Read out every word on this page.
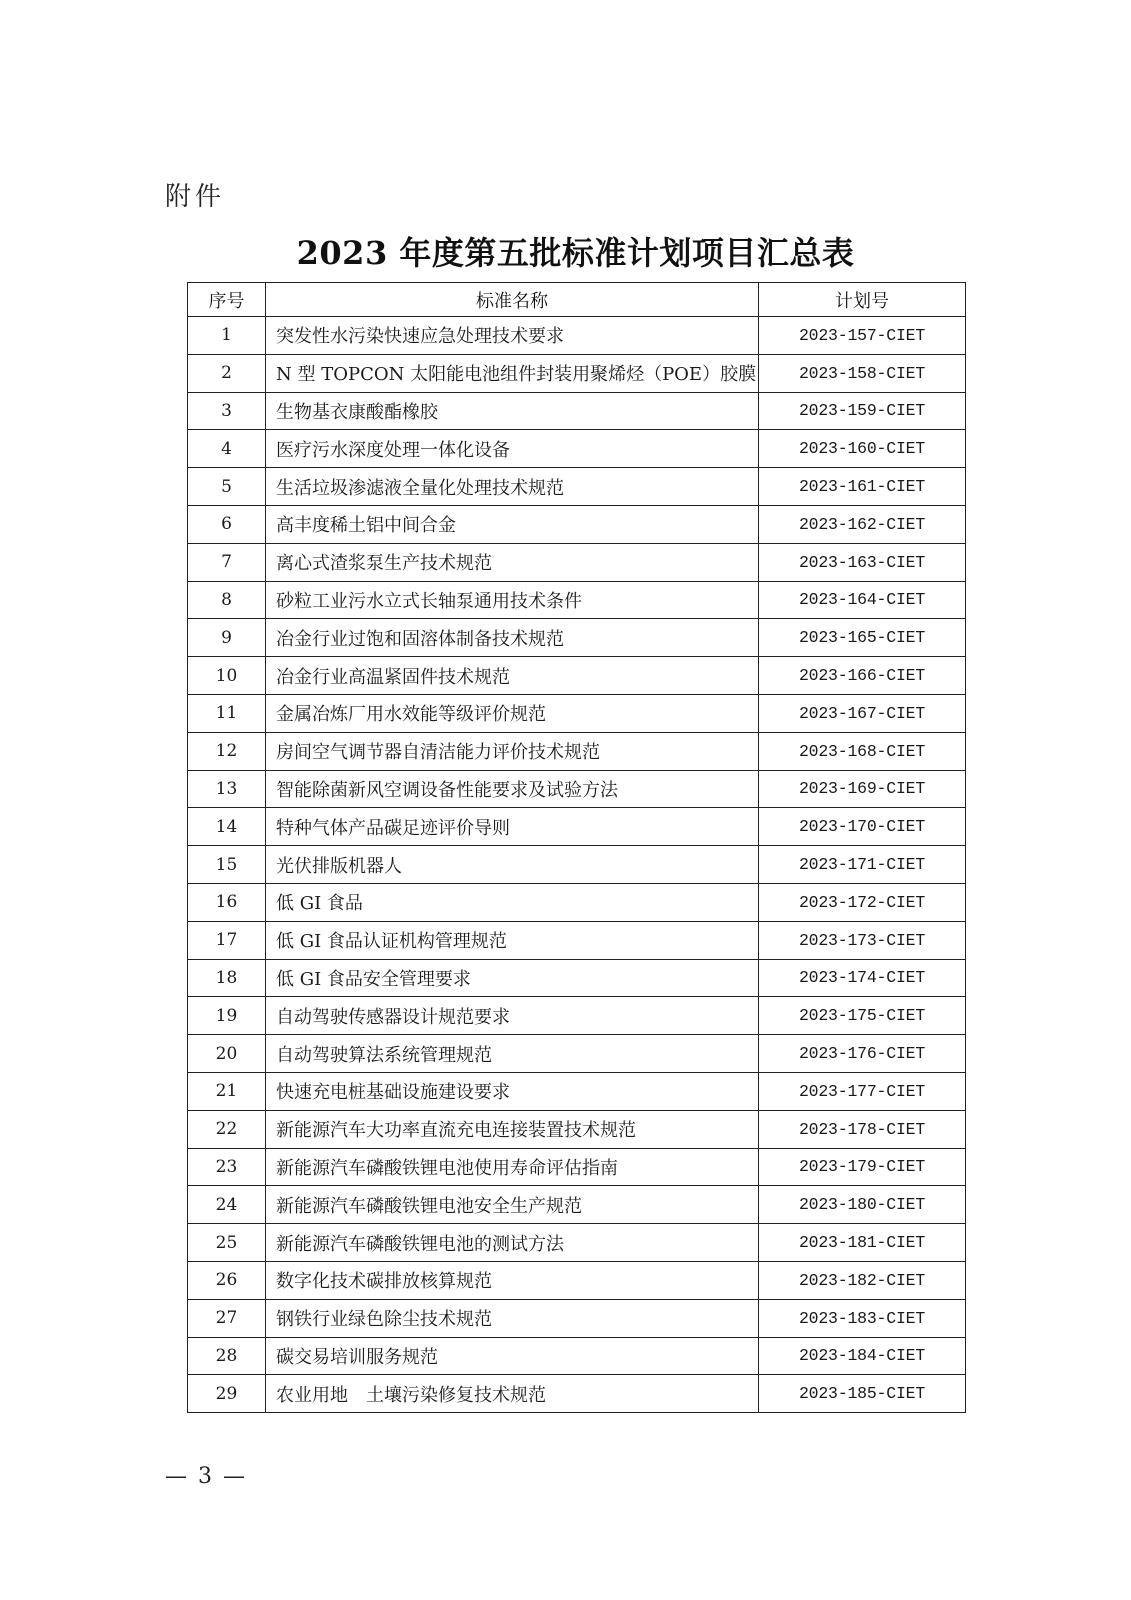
附件
2023 年度第五批标准计划项目汇总表
序号	标准名称	计划号
1	突发性水污染快速应急处理技术要求	2023-157-CIET
2	N 型 TOPCON 太阳能电池组件封装用聚烯烃（POE）胶膜	2023-158-CIET
3	生物基衣康酸酯橡胶	2023-159-CIET
4	医疗污水深度处理一体化设备	2023-160-CIET
5	生活垃圾渗滤液全量化处理技术规范	2023-161-CIET
6	高丰度稀土铝中间合金	2023-162-CIET
7	离心式渣浆泵生产技术规范	2023-163-CIET
8	砂粒工业污水立式长轴泵通用技术条件	2023-164-CIET
9	冶金行业过饱和固溶体制备技术规范	2023-165-CIET
10	冶金行业高温紧固件技术规范	2023-166-CIET
11	金属冶炼厂用水效能等级评价规范	2023-167-CIET
12	房间空气调节器自清洁能力评价技术规范	2023-168-CIET
13	智能除菌新风空调设备性能要求及试验方法	2023-169-CIET
14	特种气体产品碳足迹评价导则	2023-170-CIET
15	光伏排版机器人	2023-171-CIET
16	低 GI 食品	2023-172-CIET
17	低 GI 食品认证机构管理规范	2023-173-CIET
18	低 GI 食品安全管理要求	2023-174-CIET
19	自动驾驶传感器设计规范要求	2023-175-CIET
20	自动驾驶算法系统管理规范	2023-176-CIET
21	快速充电桩基础设施建设要求	2023-177-CIET
22	新能源汽车大功率直流充电连接装置技术规范	2023-178-CIET
23	新能源汽车磷酸铁锂电池使用寿命评估指南	2023-179-CIET
24	新能源汽车磷酸铁锂电池安全生产规范	2023-180-CIET
25	新能源汽车磷酸铁锂电池的测试方法	2023-181-CIET
26	数字化技术碳排放核算规范	2023-182-CIET
27	钢铁行业绿色除尘技术规范	2023-183-CIET
28	碳交易培训服务规范	2023-184-CIET
29	农业用地　土壤污染修复技术规范	2023-185-CIET
— 3 —
